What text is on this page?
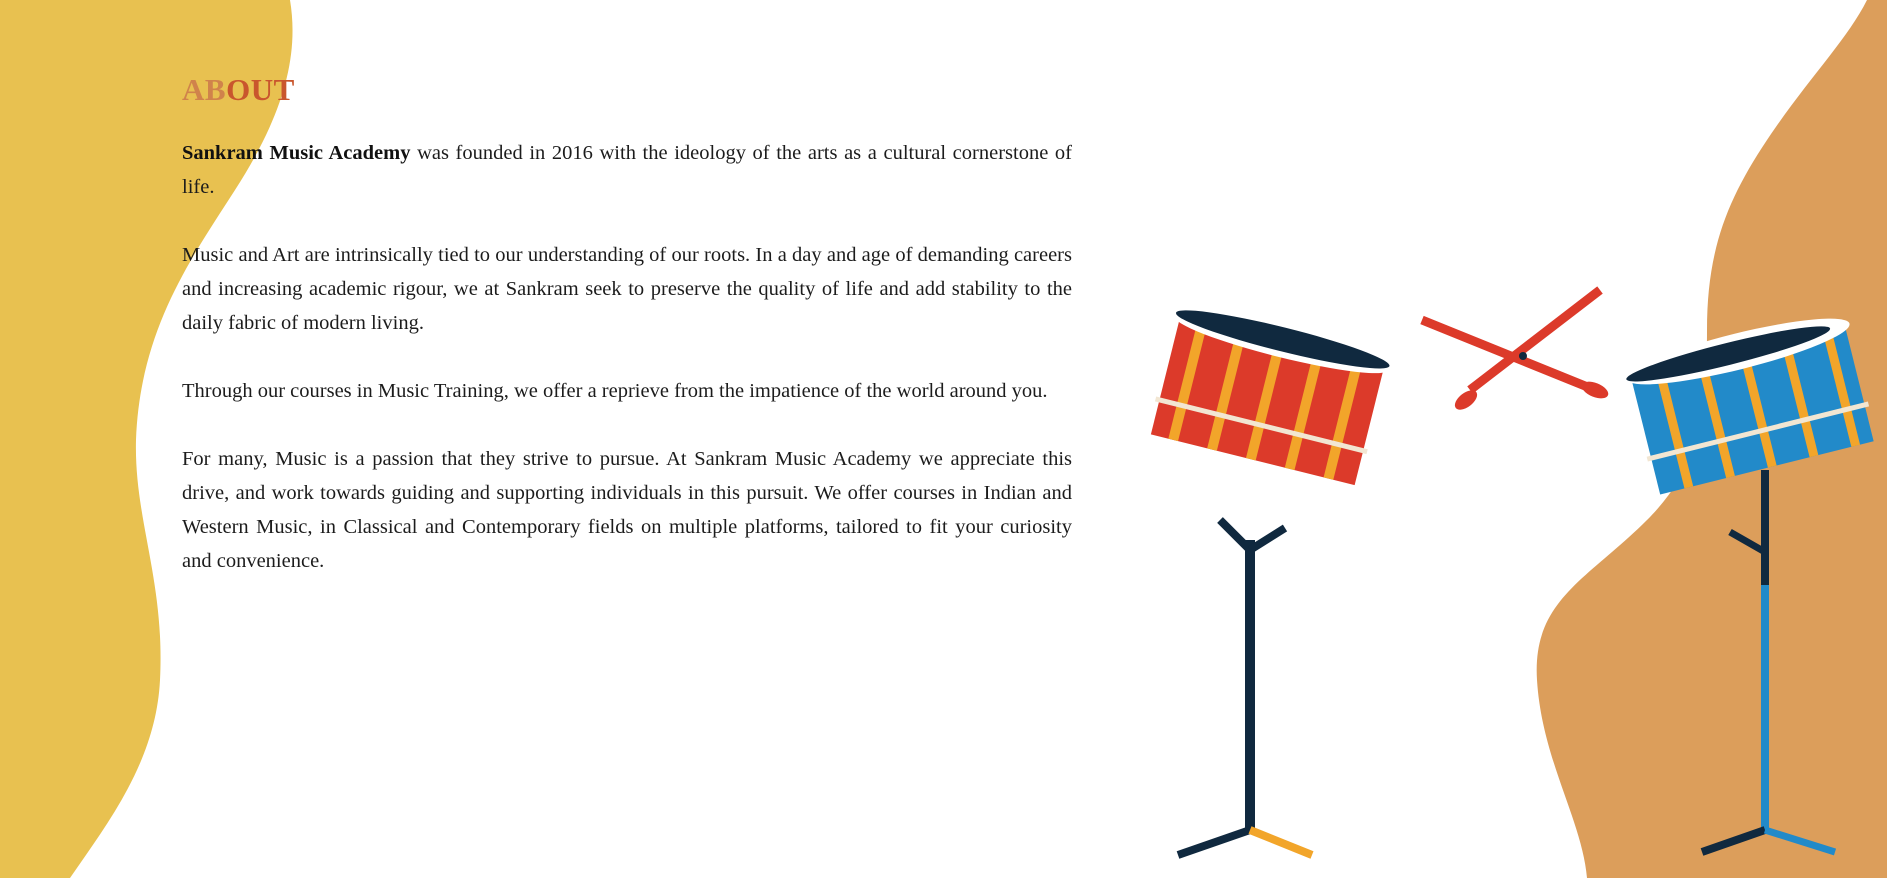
ABOUT

Sankram Music Academy was founded in 2016 with the ideology of the arts as a cultural cornerstone of life.

Music and Art are intrinsically tied to our understanding of our roots. In a day and age of demanding careers and increasing academic rigour, we at Sankram seek to preserve the quality of life and add stability to the daily fabric of modern living.

Through our courses in Music Training, we offer a reprieve from the impatience of the world around you.

For many, Music is a passion that they strive to pursue. At Sankram Music Academy we appreciate this drive, and work towards guiding and supporting individuals in this pursuit. We offer courses in Indian and Western Music, in Classical and Contemporary fields on multiple platforms, tailored to fit your curiosity and convenience.
